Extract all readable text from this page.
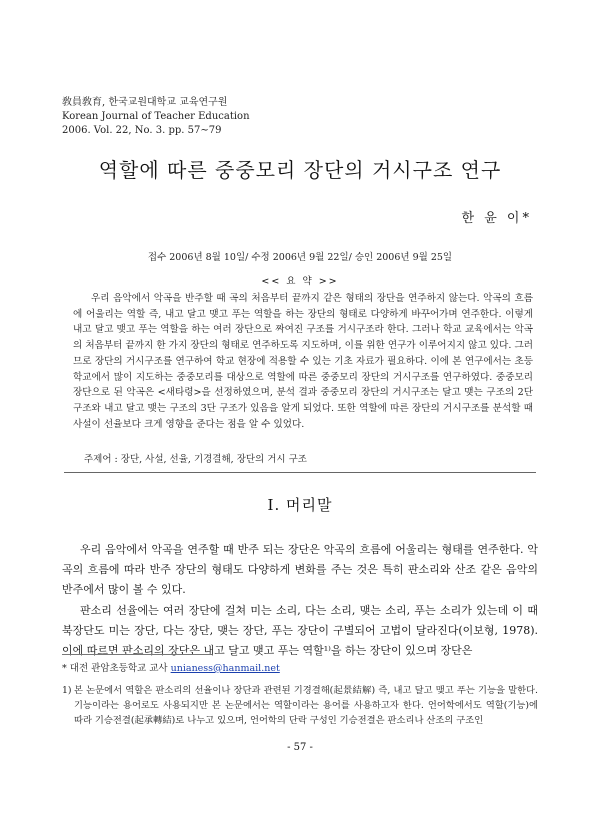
敎員敎育, 한국교원대학교 교육연구원
Korean Journal of Teacher Education
2006. Vol. 22, No. 3. pp. 57∼79
역할에 따른 중중모리 장단의 거시구조 연구
한 윤 이*
접수 2006년 8월 10일/ 수정 2006년 9월 22일/ 승인 2006년 9월 25일
<< 요 약 >>

우리 음악에서 악곡을 반주할 때 곡의 처음부터 끝까지 같은 형태의 장단을 연주하지 않는다. 악곡의 흐름에 어울리는 역할 즉, 내고 달고 맺고 푸는 역할을 하는 장단의 형태로 다양하게 바꾸어가며 연주한다. 이렇게 내고 달고 맺고 푸는 역할을 하는 여러 장단으로 짜여진 구조를 거시구조라 한다. 그러나 학교 교육에서는 악곡의 처음부터 끝까지 한 가지 장단의 형태로 연주하도록 지도하며, 이를 위한 연구가 이루어지지 않고 있다. 그러므로 장단의 거시구조를 연구하여 학교 현장에 적용할 수 있는 기초 자료가 필요하다. 이에 본 연구에서는 초등학교에서 많이 지도하는 중중모리를 대상으로 역할에 따른 중중모리 장단의 거시구조를 연구하였다. 중중모리 장단으로 된 악곡은 <새타령>을 선정하였으며, 분석 결과 중중모리 장단의 거시구조는 달고 맺는 구조의 2단 구조와 내고 달고 맺는 구조의 3단 구조가 있음을 알게 되었다. 또한 역할에 따른 장단의 거시구조를 분석할 때 사설이 선율보다 크게 영향을 준다는 점을 알 수 있었다.

주제어 : 장단, 사설, 선율, 기경결해, 장단의 거시 구조
Ⅰ. 머리말

우리 음악에서 악곡을 연주할 때 반주 되는 장단은 악곡의 흐름에 어울리는 형태를 연주한다. 악곡의 흐름에 따라 반주 장단의 형태도 다양하게 변화를 주는 것은 특히 판소리와 산조 같은 음악의 반주에서 많이 볼 수 있다.

판소리 선율에는 여러 장단에 걸쳐 미는 소리, 다는 소리, 맺는 소리, 푸는 소리가 있는데 이 때 북장단도 미는 장단, 다는 장단, 맺는 장단, 푸는 장단이 구별되어 고법이 달라진다(이보형, 1978). 이에 따르면 판소리의 장단은 내고 달고 맺고 푸는 역할¹⁾을 하는 장단이 있으며 장단은

* 대전 관암초등학교 교사 unianess@hanmail.net
1) 본 논문에서 역할은 판소리의 선율이나 장단과 관련된 기경결해(起景結解) 즉, 내고 달고 맺고 푸는 기능을 말한다. 기능이라는 용어로도 사용되지만 본 논문에서는 역할이라는 용어를 사용하고자 한다. 언어학에서도 역할(기능)에 따라 기승전결(起承轉結)로 나누고 있으며, 언어학의 단락 구성인 기승전결은 판소리나 산조의 구조인
- 57 -
